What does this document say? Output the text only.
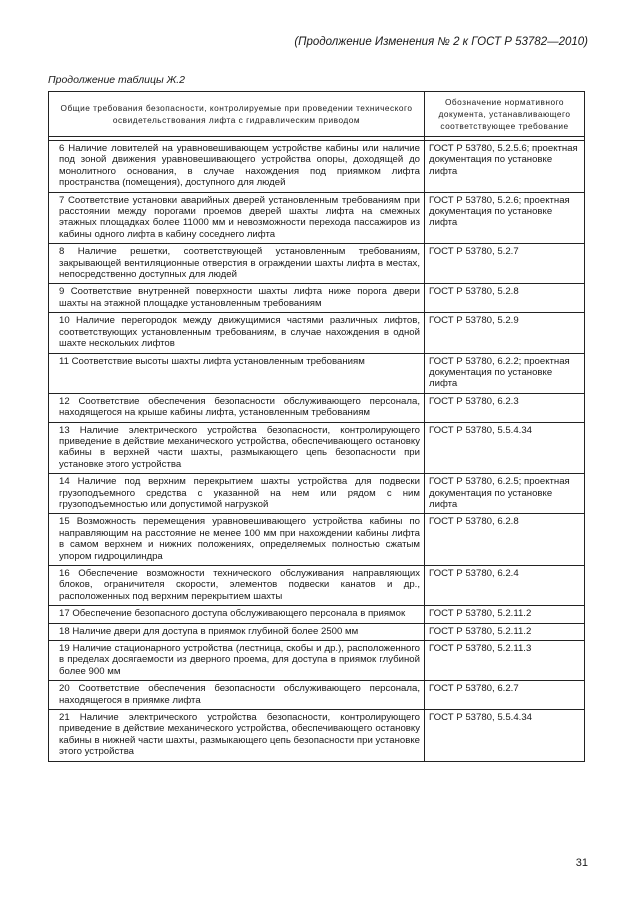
(Продолжение Изменения № 2 к ГОСТ Р 53782—2010)
Продолжение таблицы Ж.2
Общие требования безопасности, контролируемые при проведении технического освидетельствования лифта с гидравлическим приводом	Обозначение нормативного документа, устанавливающего соответствующее требование

6 Наличие ловителей на уравновешивающем устройстве кабины или наличие под зоной движения уравновешивающего устройства опоры, доходящей до монолитного основания, в случае нахождения под приямком лифта пространства (помещения), доступного для людей	ГОСТ Р 53780, 5.2.5.6; проектная документация по установке лифта
7 Соответствие установки аварийных дверей установленным требованиям при расстоянии между порогами проемов дверей шахты лифта на смежных этажных площадках более 11000 мм и невозможности перехода пассажиров из кабины одного лифта в кабину соседнего лифта	ГОСТ Р 53780, 5.2.6; проектная документация по установке лифта
8 Наличие решетки, соответствующей установленным требованиям, закрывающей вентиляционные отверстия в ограждении шахты лифта в местах, непосредственно доступных для людей	ГОСТ Р 53780, 5.2.7
9 Соответствие внутренней поверхности шахты лифта ниже порога двери шахты на этажной площадке установленным требованиям	ГОСТ Р 53780, 5.2.8
10 Наличие перегородок между движущимися частями различных лифтов, соответствующих установленным требованиям, в случае нахождения в одной шахте нескольких лифтов	ГОСТ Р 53780, 5.2.9
11 Соответствие высоты шахты лифта установленным требованиям	ГОСТ Р 53780, 6.2.2; проектная документация по установке лифта
12 Соответствие обеспечения безопасности обслуживающего персонала, находящегося на крыше кабины лифта, установленным требованиям	ГОСТ Р 53780, 6.2.3
13 Наличие электрического устройства безопасности, контролирующего приведение в действие механического устройства, обеспечивающего остановку кабины в верхней части шахты, размыкающего цепь безопасности при установке этого устройства	ГОСТ Р 53780, 5.5.4.34
14 Наличие под верхним перекрытием шахты устройства для подвески грузоподъемного средства с указанной на нем или рядом с ним грузоподъемностью или допустимой нагрузкой	ГОСТ Р 53780, 6.2.5; проектная документация по установке лифта
15 Возможность перемещения уравновешивающего устройства кабины по направляющим на расстояние не менее 100 мм при нахождении кабины лифта в самом верхнем и нижних положениях, определяемых полностью сжатым упором гидроцилиндра	ГОСТ Р 53780, 6.2.8
16 Обеспечение возможности технического обслуживания направляющих блоков, ограничителя скорости, элементов подвески канатов и др., расположенных под верхним перекрытием шахты	ГОСТ Р 53780, 6.2.4
17 Обеспечение безопасного доступа обслуживающего персонала в приямок	ГОСТ Р 53780, 5.2.11.2
18 Наличие двери для доступа в приямок глубиной более 2500 мм	ГОСТ Р 53780, 5.2.11.2
19 Наличие стационарного устройства (лестница, скобы и др.), расположенного в пределах досягаемости из дверного проема, для доступа в приямок глубиной более 900 мм	ГОСТ Р 53780, 5.2.11.3
20 Соответствие обеспечения безопасности обслуживающего персонала, находящегося в приямке лифта	ГОСТ Р 53780, 6.2.7
21 Наличие электрического устройства безопасности, контролирующего приведение в действие механического устройства, обеспечивающего остановку кабины в нижней части шахты, размыкающего цепь безопасности при установке этого устройства	ГОСТ Р 53780, 5.5.4.34
31
